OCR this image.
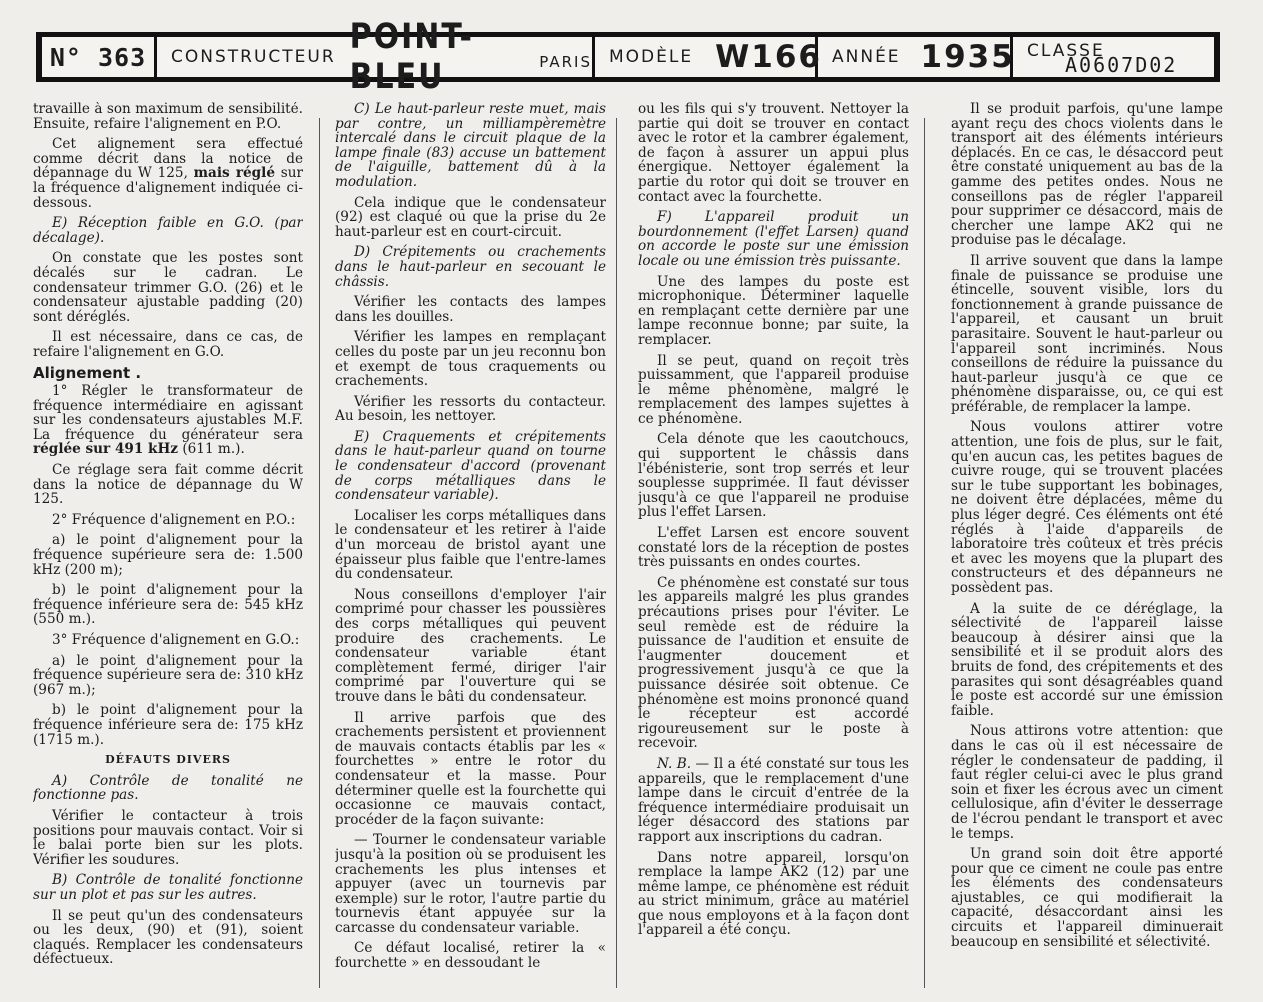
N° 363 CONSTRUCTEUR POINT-BLEU	PARIS MODÈLE W166 ANNÉE 1935 CLASSE
A0607D02

travaille à son maximum de sensibilité. Ensuite, refaire l'alignement en P.O.

Cet alignement sera effectué comme décrit dans la notice de dépannage du W 125, mais réglé sur la fréquence d'alignement indiquée ci-dessous.

E) Réception faible en G.O. (par décalage).

On constate que les postes sont décalés sur le cadran. Le condensateur trimmer G.O. (26) et le condensateur ajustable padding (20) sont déréglés.

Il est nécessaire, dans ce cas, de refaire l'alignement en G.O.

Alignement .

1° Régler le transformateur de fréquence intermédiaire en agissant sur les condensateurs ajustables M.F. La fréquence du générateur sera réglée sur 491 kHz (611 m.).

Ce réglage sera fait comme décrit dans la notice de dépannage du W 125.

2° Fréquence d'alignement en P.O.:

a) le point d'alignement pour la fréquence supérieure sera de: 1.500 kHz (200 m);

b) le point d'alignement pour la fréquence inférieure sera de: 545 kHz (550 m.).

3° Fréquence d'alignement en G.O.:

a) le point d'alignement pour la fréquence supérieure sera de: 310 kHz (967 m.);

b) le point d'alignement pour la fréquence inférieure sera de: 175 kHz (1715 m.).

DÉFAUTS DIVERS

A) Contrôle de tonalité ne fonctionne pas.

Vérifier le contacteur à trois positions pour mauvais contact. Voir si le balai porte bien sur les plots. Vérifier les soudures.

B) Contrôle de tonalité fonctionne sur un plot et pas sur les autres.

Il se peut qu'un des condensateurs ou les deux, (90) et (91), soient claqués. Remplacer les condensateurs défectueux.

C) Le haut-parleur reste muet, mais par contre, un milliampèremètre intercalé dans le circuit plaque de la lampe finale (83) accuse un battement de l'aiguille, battement dû à la modulation.

Cela indique que le condensateur (92) est claqué ou que la prise du 2e haut-parleur est en court-circuit.

D) Crépitements ou crachements dans le haut-parleur en secouant le châssis.

Vérifier les contacts des lampes dans les douilles.

Vérifier les lampes en remplaçant celles du poste par un jeu reconnu bon et exempt de tous craquements ou crachements.

Vérifier les ressorts du contacteur. Au besoin, les nettoyer.

E) Craquements et crépitements dans le haut-parleur quand on tourne le condensateur d'accord (provenant de corps métalliques dans le condensateur variable).

Localiser les corps métalliques dans le condensateur et les retirer à l'aide d'un morceau de bristol ayant une épaisseur plus faible que l'entre-lames du condensateur.

Nous conseillons d'employer l'air comprimé pour chasser les poussières des corps métalliques qui peuvent produire des crachements. Le condensateur variable étant complètement fermé, diriger l'air comprimé par l'ouverture qui se trouve dans le bâti du condensateur.

Il arrive parfois que des crachements persistent et proviennent de mauvais contacts établis par les « fourchettes » entre le rotor du condensateur et la masse. Pour déterminer quelle est la fourchette qui occasionne ce mauvais contact, procéder de la façon suivante:

— Tourner le condensateur variable jusqu'à la position où se produisent les crachements les plus intenses et appuyer (avec un tournevis par exemple) sur le rotor, l'autre partie du tournevis étant appuyée sur la carcasse du condensateur variable.

Ce défaut localisé, retirer la « fourchette » en dessoudant le

ou les fils qui s'y trouvent. Nettoyer la partie qui doit se trouver en contact avec le rotor et la cambrer également, de façon à assurer un appui plus énergique. Nettoyer également la partie du rotor qui doit se trouver en contact avec la fourchette.

F) L'appareil produit un bourdonnement (l'effet Larsen) quand on accorde le poste sur une émission locale ou une émission très puissante.

Une des lampes du poste est microphonique. Déterminer laquelle en remplaçant cette dernière par une lampe reconnue bonne; par suite, la remplacer.

Il se peut, quand on reçoit très puissamment, que l'appareil produise le même phénomène, malgré le remplacement des lampes sujettes à ce phénomène.

Cela dénote que les caoutchoucs, qui supportent le châssis dans l'ébénisterie, sont trop serrés et leur souplesse supprimée. Il faut dévisser jusqu'à ce que l'appareil ne produise plus l'effet Larsen.

L'effet Larsen est encore souvent constaté lors de la réception de postes très puissants en ondes courtes.

Ce phénomène est constaté sur tous les appareils malgré les plus grandes précautions prises pour l'éviter. Le seul remède est de réduire la puissance de l'audition et ensuite de l'augmenter doucement et progressivement jusqu'à ce que la puissance désirée soit obtenue. Ce phénomène est moins prononcé quand le récepteur est accordé rigoureusement sur le poste à recevoir.

N. B. — Il a été constaté sur tous les appareils, que le remplacement d'une lampe dans le circuit d'entrée de la fréquence intermédiaire produisait un léger désaccord des stations par rapport aux inscriptions du cadran.

Dans notre appareil, lorsqu'on remplace la lampe AK2 (12) par une même lampe, ce phénomène est réduit au strict minimum, grâce au matériel que nous employons et à la façon dont l'appareil a été conçu.

Il se produit parfois, qu'une lampe ayant reçu des chocs violents dans le transport ait des éléments intérieurs déplacés. En ce cas, le désaccord peut être constaté uniquement au bas de la gamme des petites ondes. Nous ne conseillons pas de régler l'appareil pour supprimer ce désaccord, mais de chercher une lampe AK2 qui ne produise pas le décalage.

Il arrive souvent que dans la lampe finale de puissance se produise une étincelle, souvent visible, lors du fonctionnement à grande puissance de l'appareil, et causant un bruit parasitaire. Souvent le haut-parleur ou l'appareil sont incriminés. Nous conseillons de réduire la puissance du haut-parleur jusqu'à ce que ce phénomène disparaisse, ou, ce qui est préférable, de remplacer la lampe.

Nous voulons attirer votre attention, une fois de plus, sur le fait, qu'en aucun cas, les petites bagues de cuivre rouge, qui se trouvent placées sur le tube supportant les bobinages, ne doivent être déplacées, même du plus léger degré. Ces éléments ont été réglés à l'aide d'appareils de laboratoire très coûteux et très précis et avec les moyens que la plupart des constructeurs et des dépanneurs ne possèdent pas.

A la suite de ce déréglage, la sélectivité de l'appareil laisse beaucoup à désirer ainsi que la sensibilité et il se produit alors des bruits de fond, des crépitements et des parasites qui sont désagréables quand le poste est accordé sur une émission faible.

Nous attirons votre attention: que dans le cas où il est nécessaire de régler le condensateur de padding, il faut régler celui-ci avec le plus grand soin et fixer les écrous avec un ciment cellulosique, afin d'éviter le desserrage de l'écrou pendant le transport et avec le temps.

Un grand soin doit être apporté pour que ce ciment ne coule pas entre les éléments des condensateurs ajustables, ce qui modifierait la capacité, désaccordant ainsi les circuits et l'appareil diminuerait beaucoup en sensibilité et sélectivité.
